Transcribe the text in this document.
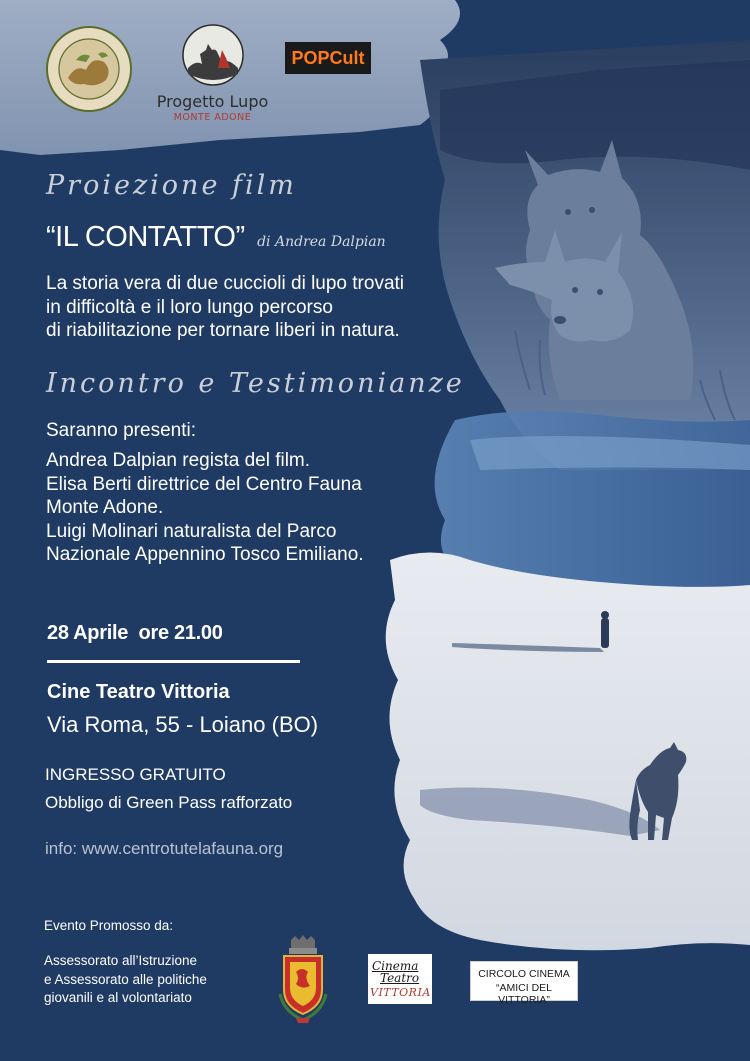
Progetto Lupo
MONTE ADONE
POPC ult
Proiezione film
“IL CONTATTO” di Andrea Dalpian
La storia vera di due cuccioli di lupo trovati
in difficoltà e il loro lungo percorso
di riabilitazione per tornare liberi in natura.
Incontro e Testimonianze
Saranno presenti:
Andrea Dalpian regista del film.
Elisa Berti direttrice del Centro Fauna
Monte Adone.
Luigi Molinari naturalista del Parco
Nazionale Appennino Tosco Emiliano.
28 Aprile  ore 21.00
Cine Teatro Vittoria
Via Roma, 55 - Loiano (BO)
INGRESSO GRATUITO
Obbligo di Green Pass rafforzato
info: www.centrotutelafauna.org
Evento Promosso da:
Assessorato all’Istruzione
e Assessorato alle politiche
giovanili e al volontariato
Cinema
Teatro
VITTORIA
CIRCOLO CINEMA
“AMICI DEL VITTORIA”
